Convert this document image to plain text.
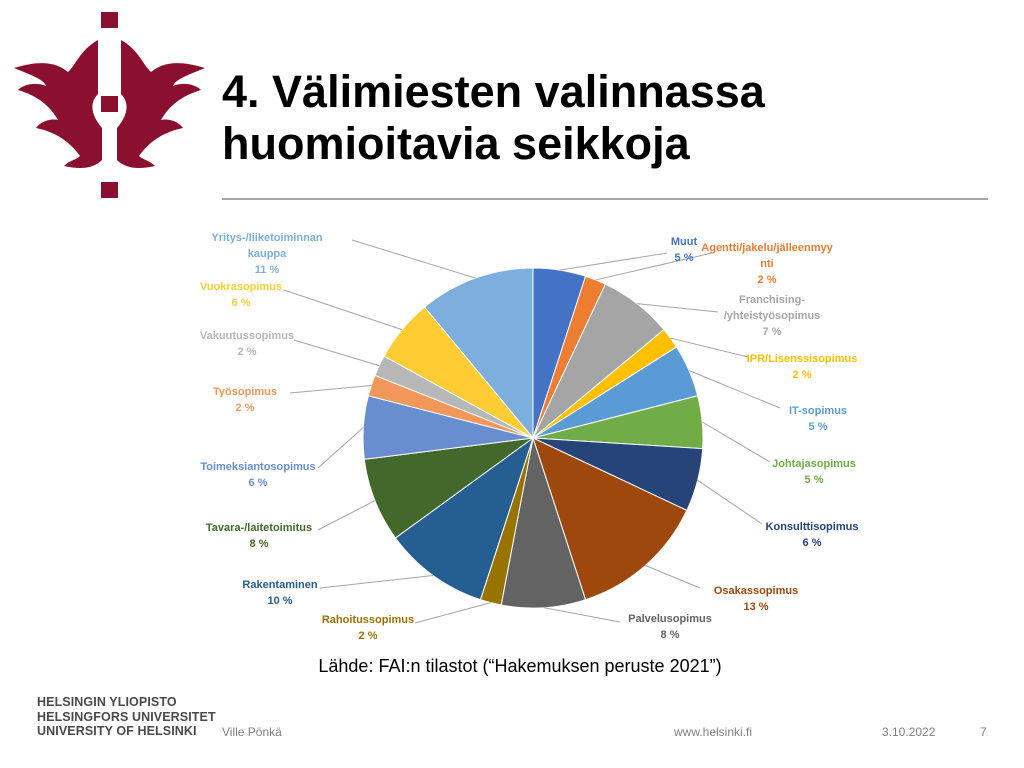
4. Välimiesten valinnassa
huomioitavia seikkoja
Muut 5 %
Agentti/jakelu/jälleenmyy nti 2 %
Franchising-/yhteistyösopimus 7 %
IPR/Lisenssisopimus 2 %
IT-sopimus 5 %
Johtajasopimus 5 %
Konsulttisopimus 6 %
Osakassopimus 13 %
Palvelusopimus 8 %
Rahoitussopimus 2 %
Rakentaminen 10 %
Tavara-/laitetoimitus 8 %
Toimeksiantosopimus 6 %
Työsopimus 2 %
Vakuutussopimus 2 %
Vuokrasopimus 6 %
Yritys-/liiketoiminnan kauppa 11 %
Lähde: FAI:n tilastot (“Hakemuksen peruste 2021”)
HELSINGIN YLIOPISTO
HELSINGFORS UNIVERSITET
UNIVERSITY OF HELSINKI	Ville Pönkä	www.helsinki.fi	3.10.2022	7
